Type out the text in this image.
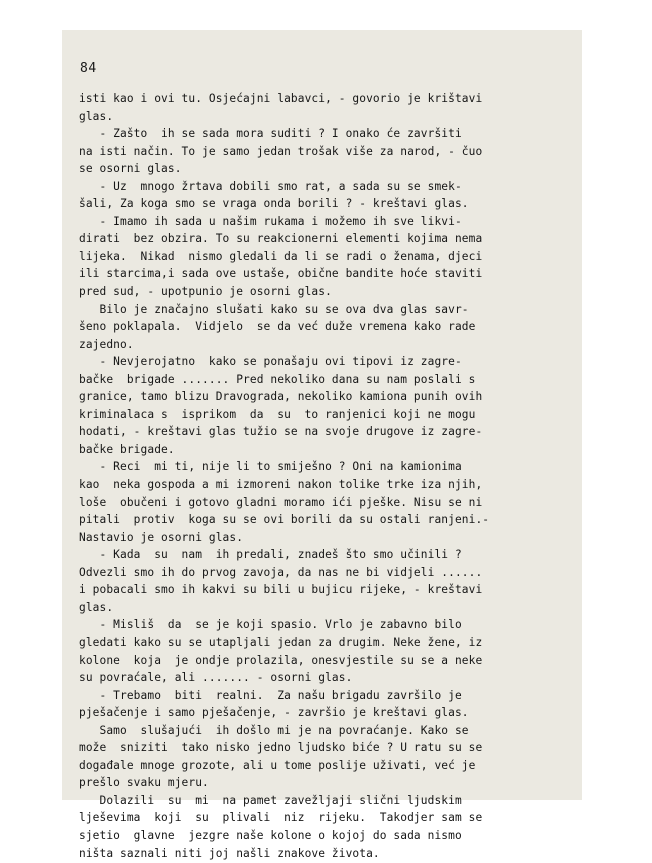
84
isti kao i ovi tu. Osjećajni labavci, - govorio je krištavi
glas.
- Zašto  ih se sada mora suditi ? I onako će završiti
na isti način. To je samo jedan trošak više za narod, - čuo
se osorni glas.
- Uz  mnogo žrtava dobili smo rat, a sada su se smek-
šali, Za koga smo se vraga onda borili ? - kreštavi glas.
- Imamo ih sada u našim rukama i možemo ih sve likvi-
dirati  bez obzira. To su reakcionerni elementi kojima nema
lijeka.  Nikad  nismo gledali da li se radi o ženama, djeci
ili starcima,i sada ove ustaše, obične bandite hoće staviti
pred sud, - upotpunio je osorni glas.
Bilo je značajno slušati kako su se ova dva glas savr-
šeno poklapala.  Vidjelo  se da već duže vremena kako rade
zajedno.
- Nevjerojatno  kako se ponašaju ovi tipovi iz zagre-
bačke  brigade ....... Pred nekoliko dana su nam poslali s
granice, tamo blizu Dravograda, nekoliko kamiona punih ovih
kriminalaca s  isprikom  da  su  to ranjenici koji ne mogu
hodati, - kreštavi glas tužio se na svoje drugove iz zagre-
bačke brigade.
- Reci  mi ti, nije li to smiješno ? Oni na kamionima
kao  neka gospoda a mi izmoreni nakon tolike trke iza njih,
loše  obučeni i gotovo gladni moramo ići pješke. Nisu se ni
pitali  protiv  koga su se ovi borili da su ostali ranjeni.-
Nastavio je osorni glas.
- Kada  su  nam  ih predali, znadeš što smo učinili ?
Odvezli smo ih do prvog zavoja, da nas ne bi vidjeli ......
i pobacali smo ih kakvi su bili u bujicu rijeke, - kreštavi
glas.
- Misliš  da  se je koji spasio. Vrlo je zabavno bilo
gledati kako su se utapljali jedan za drugim. Neke žene, iz
kolone  koja  je ondje prolazila, onesvjestile su se a neke
su povraćale, ali ....... - osorni glas.
- Trebamo  biti  realni.  Za našu brigadu završilo je
pješačenje i samo pješačenje, - završio je kreštavi glas.
Samo  slušajući  ih došlo mi je na povraćanje. Kako se
može  sniziti  tako nisko jedno ljudsko biće ? U ratu su se
događale mnoge grozote, ali u tome poslije uživati, već je
prešlo svaku mjeru.
Dolazili  su  mi  na pamet zavežljaji slični ljudskim
lješevima  koji  su  plivali  niz  rijeku.  Takodjer sam se
sjetio  glavne  jezgre naše kolone o kojoj do sada nismo
ništa saznali niti joj našli znakove života.
